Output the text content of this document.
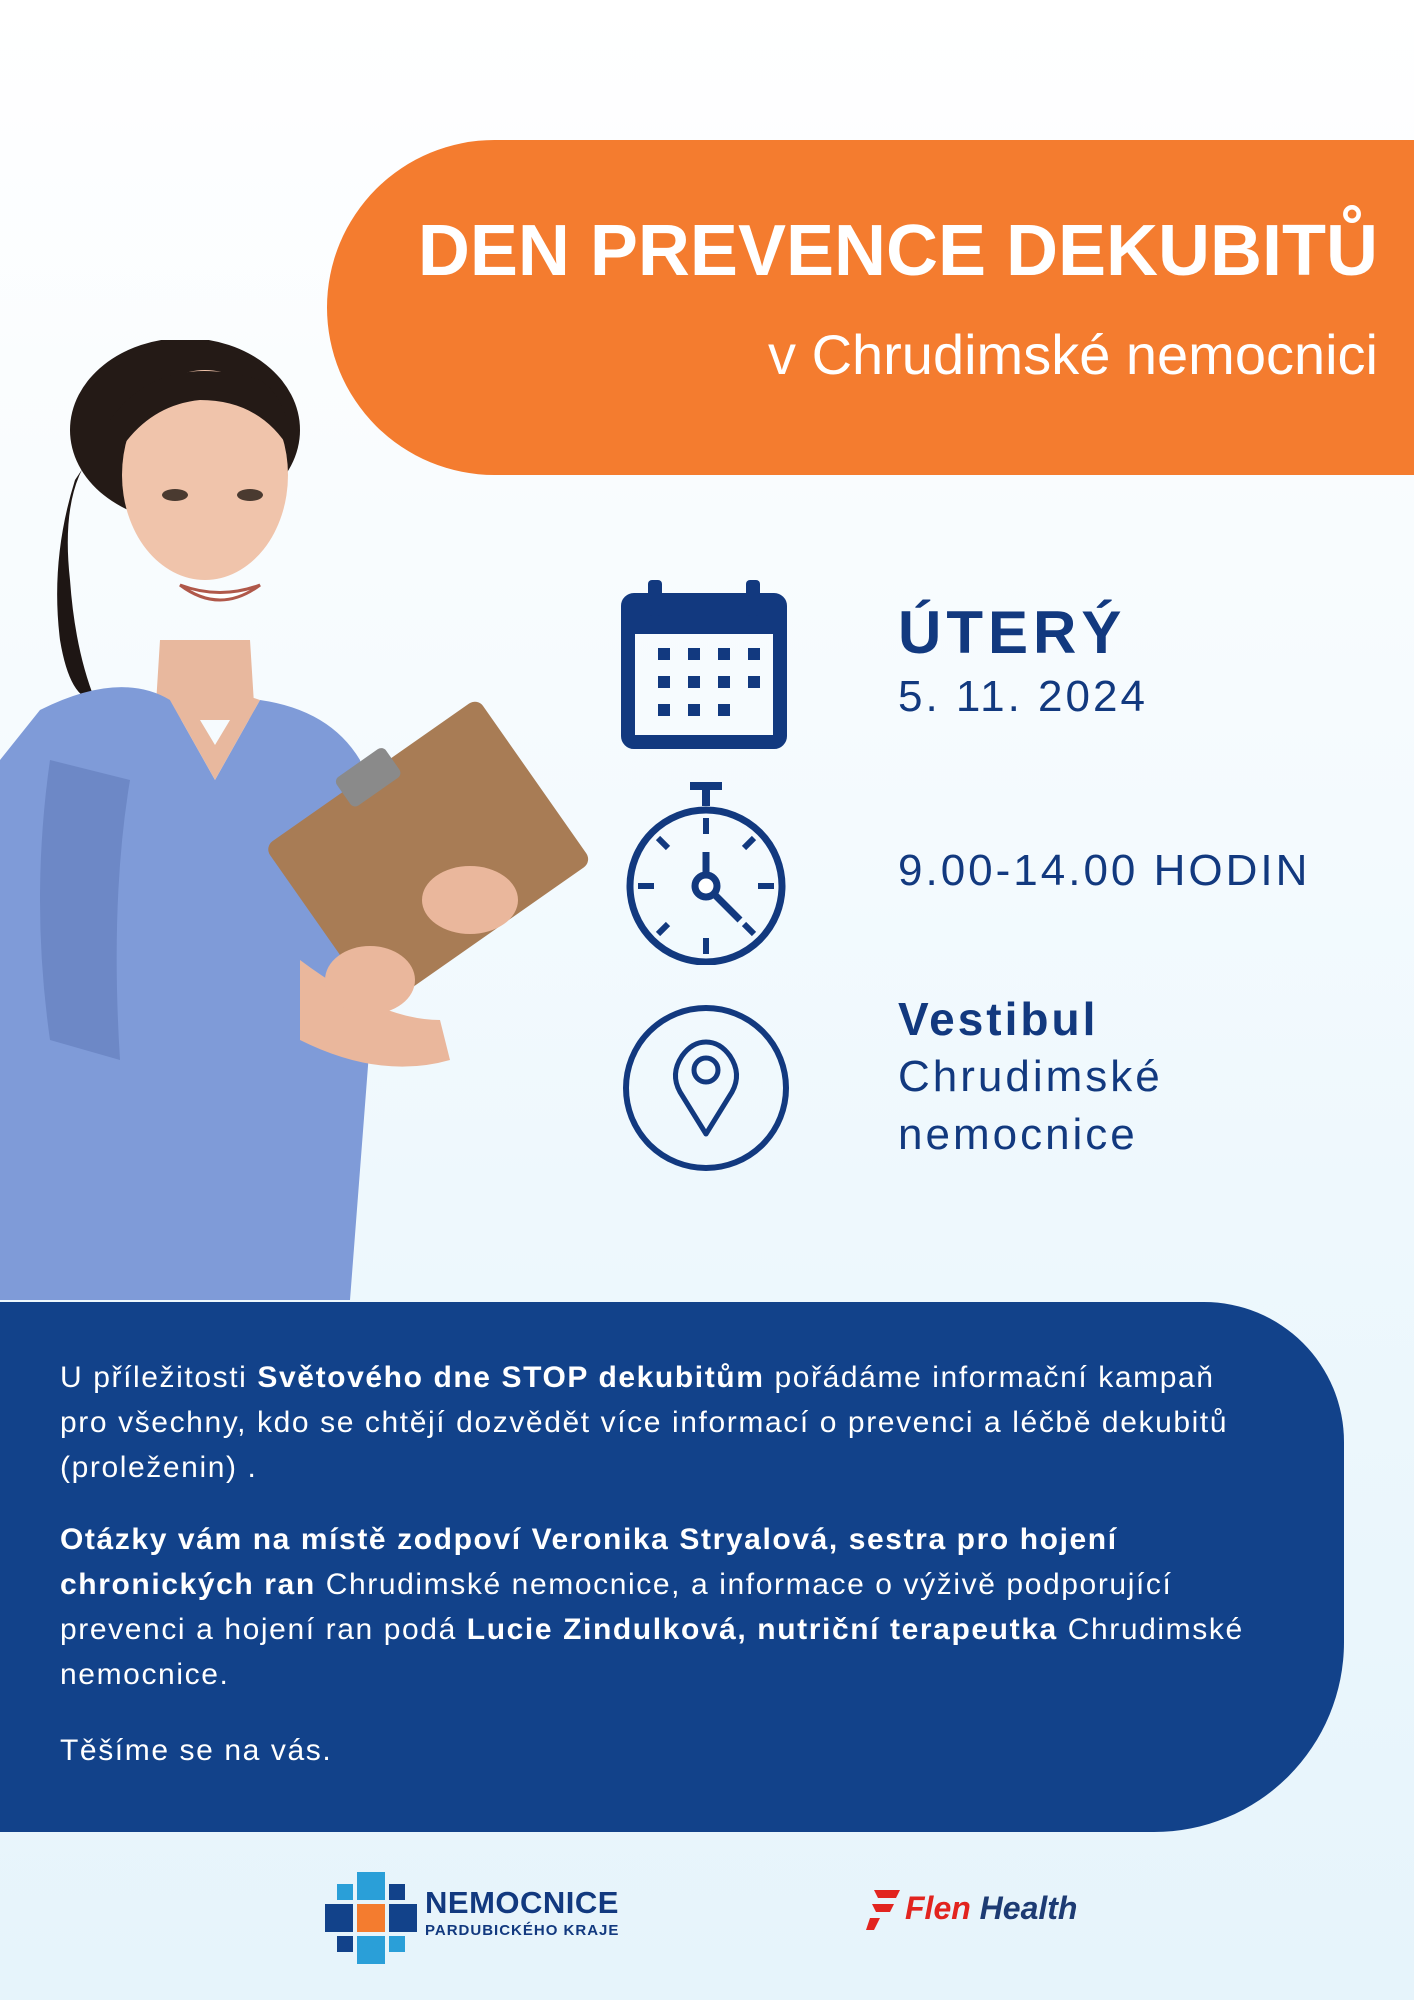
DEN PREVENCE DEKUBITŮ
v Chrudimské nemocnici
ÚTERÝ
5. 11. 2024
9.00-14.00 HODIN
Vestibul
Chrudimské
nemocnice

U příležitosti Světového dne STOP dekubitům pořádáme informační kampaň pro všechny, kdo se chtějí dozvědět více informací o prevenci a léčbě dekubitů (proleženin) .

Otázky vám na místě zodpoví Veronika Stryalová, sestra pro hojení chronických ran Chrudimské nemocnice, a informace o výživě podporující prevenci a hojení ran podá Lucie Zindulková, nutriční terapeutka Chrudimské nemocnice.

Těšíme se na vás.

NEMOCNICE
PARDUBICKÉHO KRAJE
Flen Health
